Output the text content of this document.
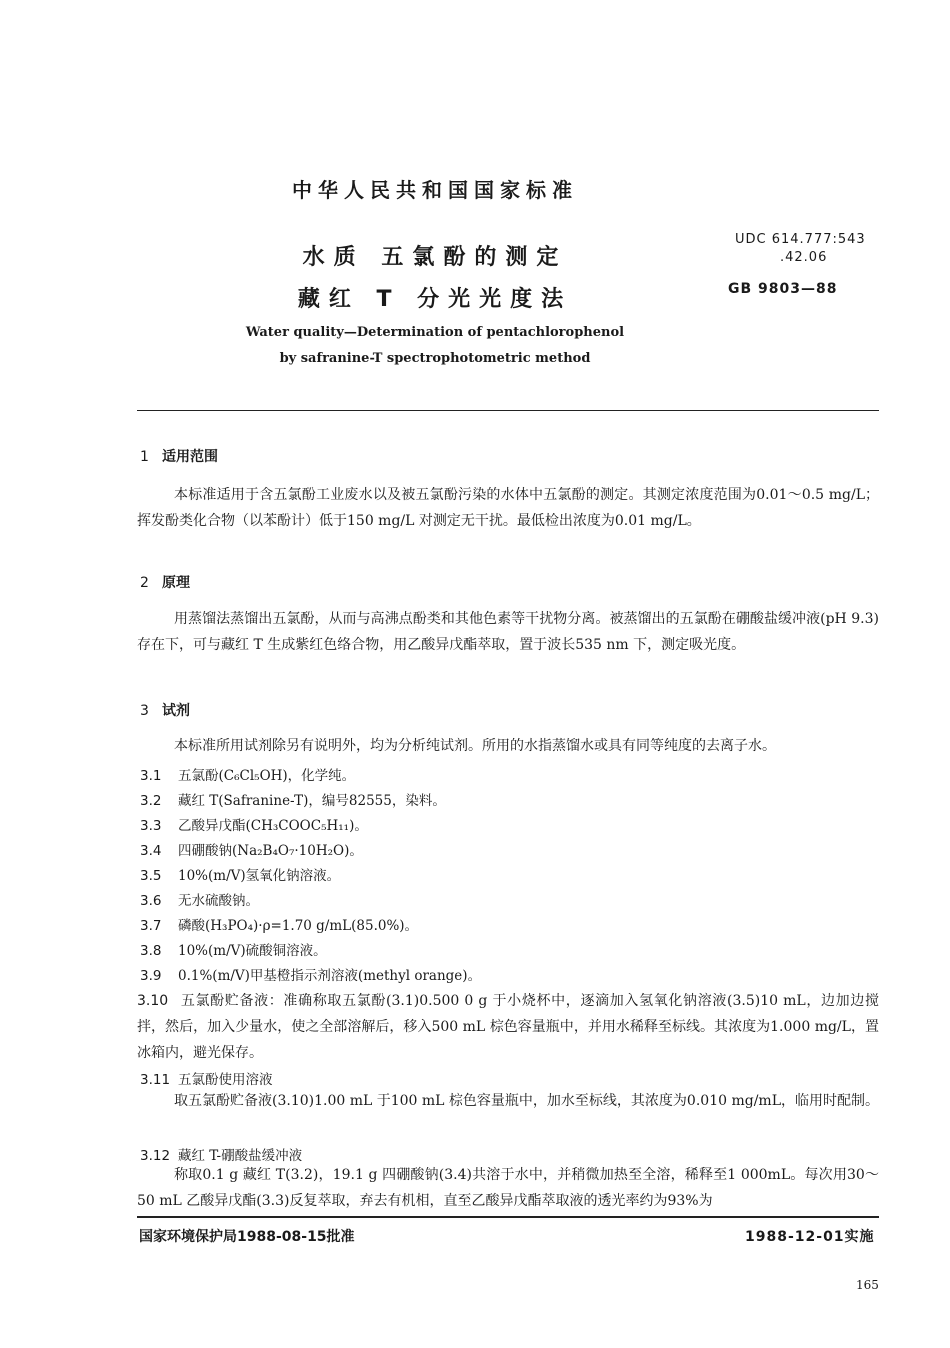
中华人民共和国国家标准
水质 五氯酚的测定
藏红 T 分光光度法
UDC 614.777:543
.42.06
GB 9803—88
Water quality—Determination of pentachlorophenol
by safranine-T spectrophotometric method
1 适用范围
本标准适用于含五氯酚工业废水以及被五氯酚污染的水体中五氯酚的测定。其测定浓度范围为0.01～0.5 mg/L；挥发酚类化合物（以苯酚计）低于150 mg/L 对测定无干扰。最低检出浓度为0.01 mg/L。
2 原理
用蒸馏法蒸馏出五氯酚，从而与高沸点酚类和其他色素等干扰物分离。被蒸馏出的五氯酚在硼酸盐缓冲液(pH 9.3)存在下，可与藏红 T 生成紫红色络合物，用乙酸异戊酯萃取，置于波长535 nm 下，测定吸光度。
3 试剂
本标准所用试剂除另有说明外，均为分析纯试剂。所用的水指蒸馏水或具有同等纯度的去离子水。
3.1 五氯酚(C₆Cl₅OH)，化学纯。
3.2 藏红 T(Safranine-T)，编号82555，染料。
3.3 乙酸异戊酯(CH₃COOC₅H₁₁)。
3.4 四硼酸钠(Na₂B₄O₇·10H₂O)。
3.5 10%(m/V)氢氧化钠溶液。
3.6 无水硫酸钠。
3.7 磷酸(H₃PO₄)·ρ=1.70 g/mL(85.0%)。
3.8 10%(m/V)硫酸铜溶液。
3.9 0.1%(m/V)甲基橙指示剂溶液(methyl orange)。
3.10 五氯酚贮备液：准确称取五氯酚(3.1)0.500 0 g 于小烧杯中，逐滴加入氢氧化钠溶液(3.5)10 mL，边加边搅拌，然后，加入少量水，使之全部溶解后，移入500 mL 棕色容量瓶中，并用水稀释至标线。其浓度为1.000 mg/L，置冰箱内，避光保存。
3.11 五氯酚使用溶液
取五氯酚贮备液(3.10)1.00 mL 于100 mL 棕色容量瓶中，加水至标线，其浓度为0.010 mg/mL，临用时配制。
3.12 藏红 T-硼酸盐缓冲液
称取0.1 g 藏红 T(3.2)，19.1 g 四硼酸钠(3.4)共溶于水中，并稍微加热至全溶，稀释至1 000mL。每次用30～50 mL 乙酸异戊酯(3.3)反复萃取，弃去有机相，直至乙酸异戊酯萃取液的透光率约为93%为
国家环境保护局1988-08-15批准	1988-12-01实施
165
